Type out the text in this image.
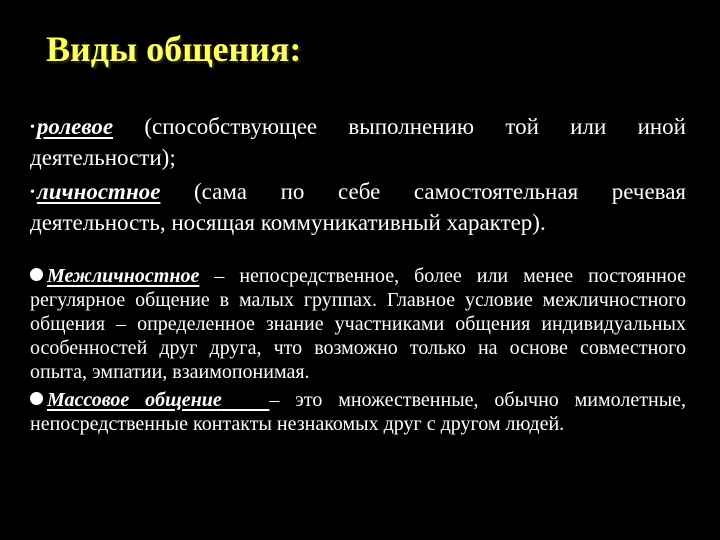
Виды общения:

•ролевое (способствующее выполнению той или иной деятельности);

•личностное (сама по себе самостоятельная речевая деятельность, носящая коммуникативный характер).

Межличностное – непосредственное, более или менее постоянное регулярное общение в малых группах. Главное условие межличностного общения – определенное знание участниками общения индивидуальных особенностей друг друга, что возможно только на основе совместного опыта, эмпатии, взаимопонимая.

Массовое общение – это множественные, обычно мимолетные, непосредственные контакты незнакомых друг с другом людей.
